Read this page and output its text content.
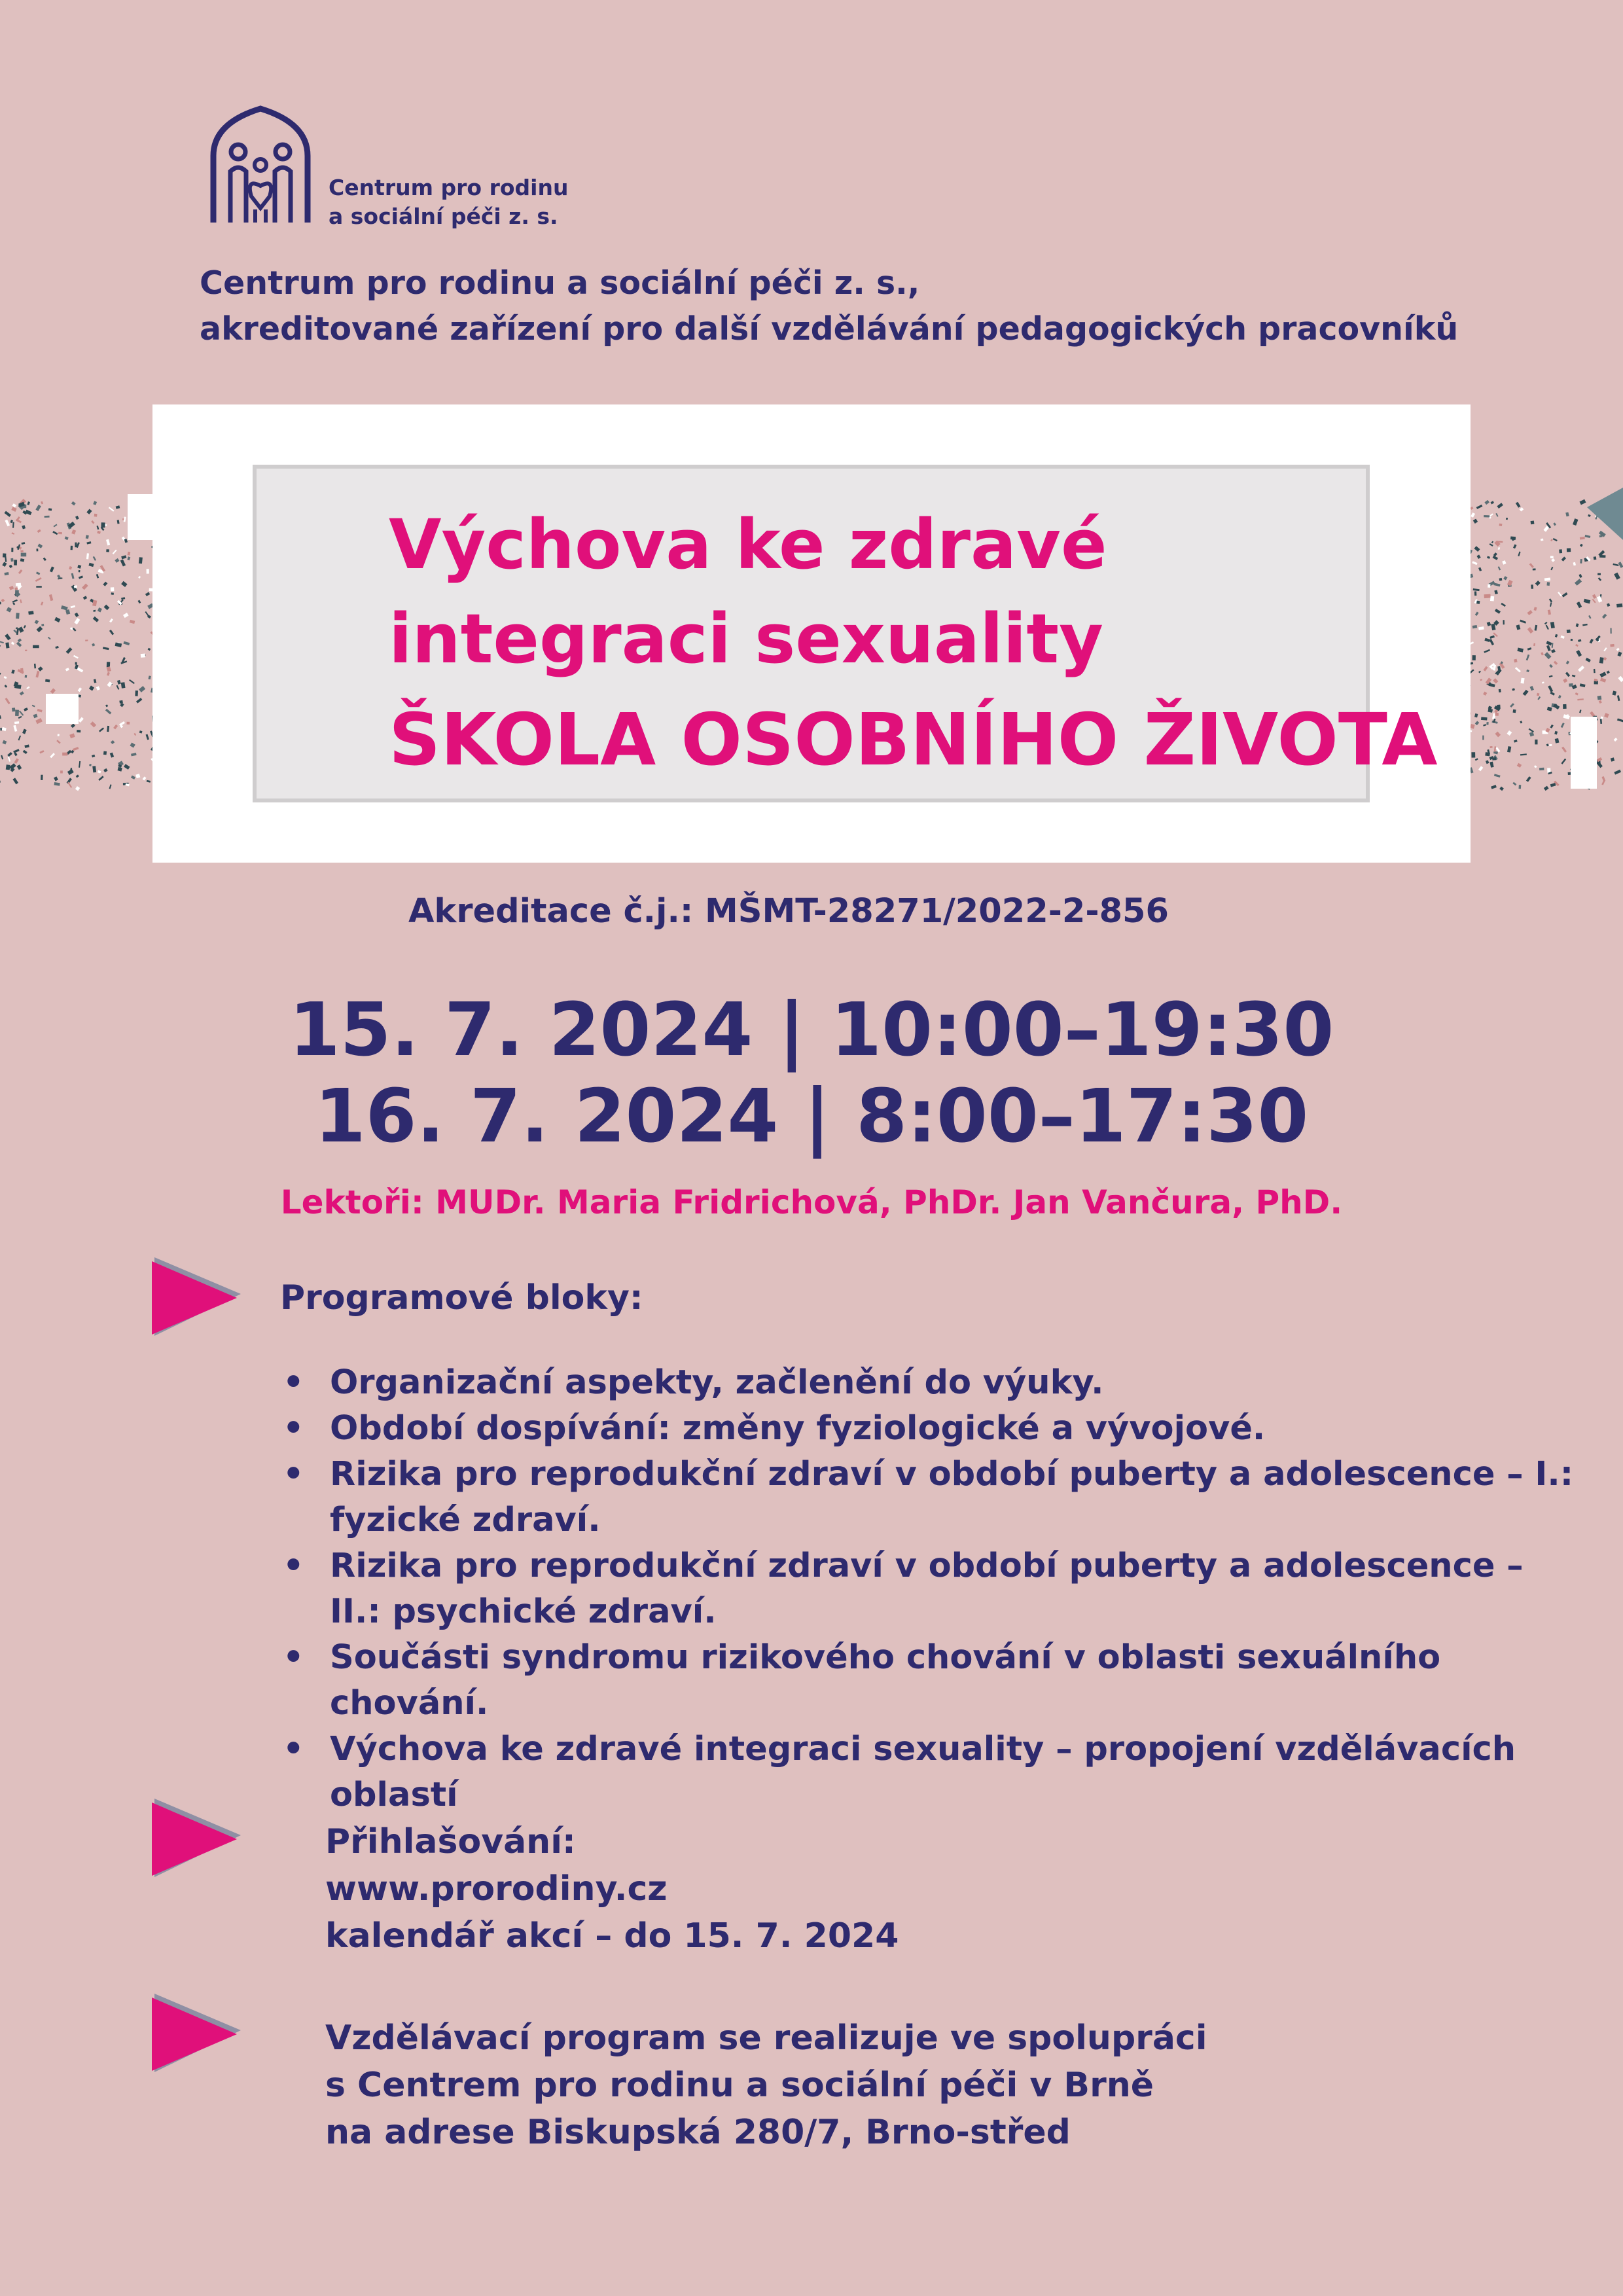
Centrum pro rodinu
a sociální péči z. s.
Centrum pro rodinu a sociální péči z. s.,
akreditované zařízení pro další vzdělávání pedagogických pracovníků
Výchova ke zdravé
integraci sexuality
ŠKOLA OSOBNÍHO ŽIVOTA
Akreditace č.j.: MŠMT-28271/2022-2-856
15. 7. 2024 | 10:00–19:30
16. 7. 2024 | 8:00–17:30
Lektoři: MUDr. Maria Fridrichová, PhDr. Jan Vančura, PhD.
Programové bloky:
• Organizační aspekty, začlenění do výuky.
• Období dospívání: změny fyziologické a vývojové.
• Rizika pro reprodukční zdraví v období puberty a adolescence – I.: fyzické zdraví.
• Rizika pro reprodukční zdraví v období puberty a adolescence – II.: psychické zdraví.
• Součásti syndromu rizikového chování v oblasti sexuálního chování.
• Výchova ke zdravé integraci sexuality – propojení vzdělávacích oblastí
Přihlašování:
www.prorodiny.cz
kalendář akcí – do 15. 7. 2024
Vzdělávací program se realizuje ve spolupráci
s Centrem pro rodinu a sociální péči v Brně
na adrese Biskupská 280/7, Brno-střed
